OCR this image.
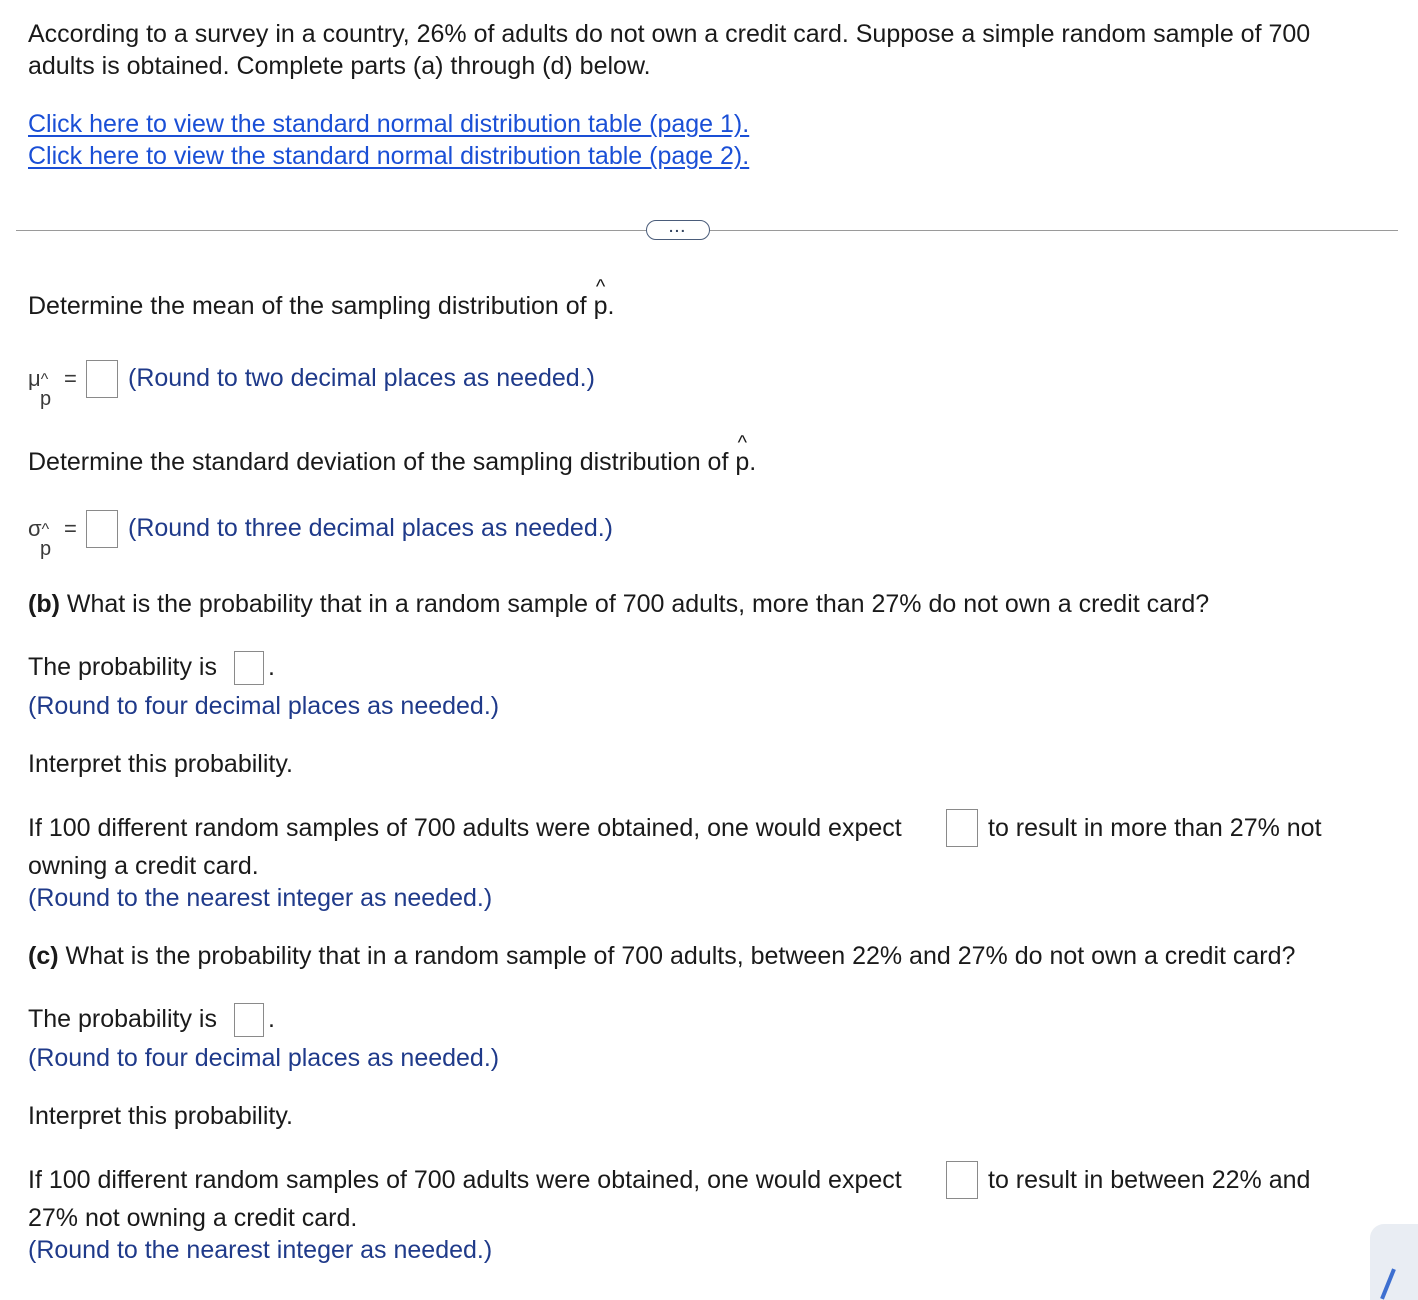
According to a survey in a country, 26% of adults do not own a credit card. Suppose a simple random sample of 700
adults is obtained. Complete parts (a) through (d) below.
Click here to view the standard normal distribution table (page 1).
Click here to view the standard normal distribution table (page 2).
...
Determine the mean of the sampling distribution of
^
p.
μ^
p
= (Round to two decimal places as needed.)
Determine the standard deviation of the sampling distribution of
^
p.
σ^
p
= (Round to three decimal places as needed.)
(b) What is the probability that in a random sample of 700 adults, more than 27% do not own a credit card?
The probability is .
(Round to four decimal places as needed.)
Interpret this probability.
If 100 different random samples of 700 adults were obtained, one would expect	to result in more than 27% not
owning a credit card.
(Round to the nearest integer as needed.)
(c) What is the probability that in a random sample of 700 adults, between 22% and 27% do not own a credit card?
The probability is .
(Round to four decimal places as needed.)
Interpret this probability.
If 100 different random samples of 700 adults were obtained, one would expect	to result in between 22% and
27% not owning a credit card.
(Round to the nearest integer as needed.)
